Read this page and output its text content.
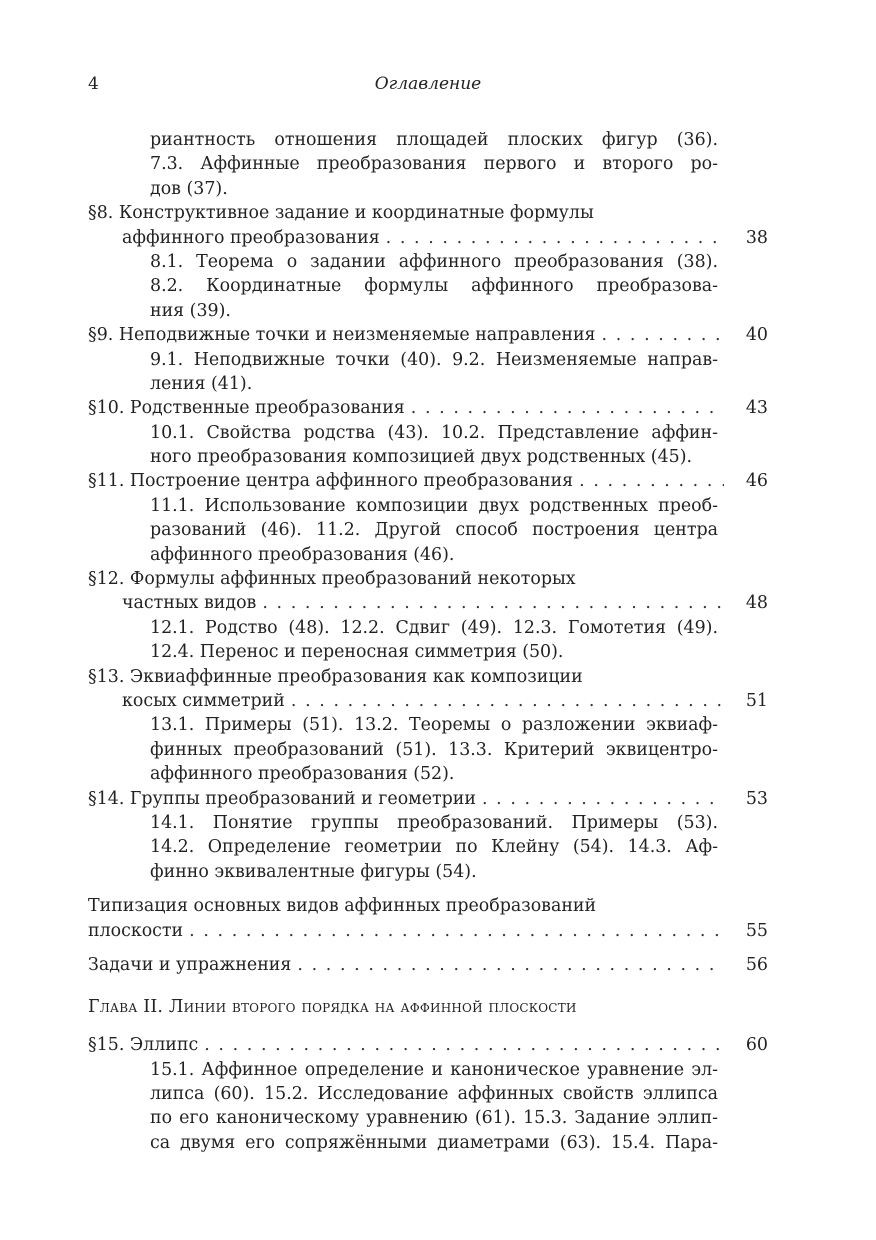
4	Оглавление
риантность отношения площадей плоских фигур (36).
7.3. Аффинные преобразования первого и второго ро-
дов (37).
§8. Конструктивное задание и координатные формулы
аффинного преобразования . . .	38
8.1. Теорема о задании аффинного преобразования (38).
8.2. Координатные формулы аффинного преобразова-
ния (39).
§9. Неподвижные точки и неизменяемые направления . . .	40
9.1. Неподвижные точки (40). 9.2. Неизменяемые направ-
ления (41).
§10. Родственные преобразования . . .	43
10.1. Свойства родства (43). 10.2. Представление аффин-
ного преобразования композицией двух родственных (45).
§11. Построение центра аффинного преобразования . . .	46
11.1. Использование композиции двух родственных преоб-
разований (46). 11.2. Другой способ построения центра
аффинного преобразования (46).
§12. Формулы аффинных преобразований некоторых
частных видов . . .	48
12.1. Родство (48). 12.2. Сдвиг (49). 12.3. Гомотетия (49).
12.4. Перенос и переносная симметрия (50).
§13. Эквиаффинные преобразования как композиции
косых симметрий . . .	51
13.1. Примеры (51). 13.2. Теоремы о разложении эквиаф-
финных преобразований (51). 13.3. Критерий эквицентро-
аффинного преобразования (52).
§14. Группы преобразований и геометрии . . .	53
14.1. Понятие группы преобразований. Примеры (53).
14.2. Определение геометрии по Клейну (54). 14.3. Аф-
финно эквивалентные фигуры (54).
Типизация основных видов аффинных преобразований
плоскости . . .	55
Задачи и упражнения . . .	56
Глава II. Линии второго порядка на аффинной плоскости
§15. Эллипс . . .	60
15.1. Аффинное определение и каноническое уравнение эл-
липса (60). 15.2. Исследование аффинных свойств эллипса
по его каноническому уравнению (61). 15.3. Задание эллип-
са двумя его сопряжёнными диаметрами (63). 15.4. Пара-
